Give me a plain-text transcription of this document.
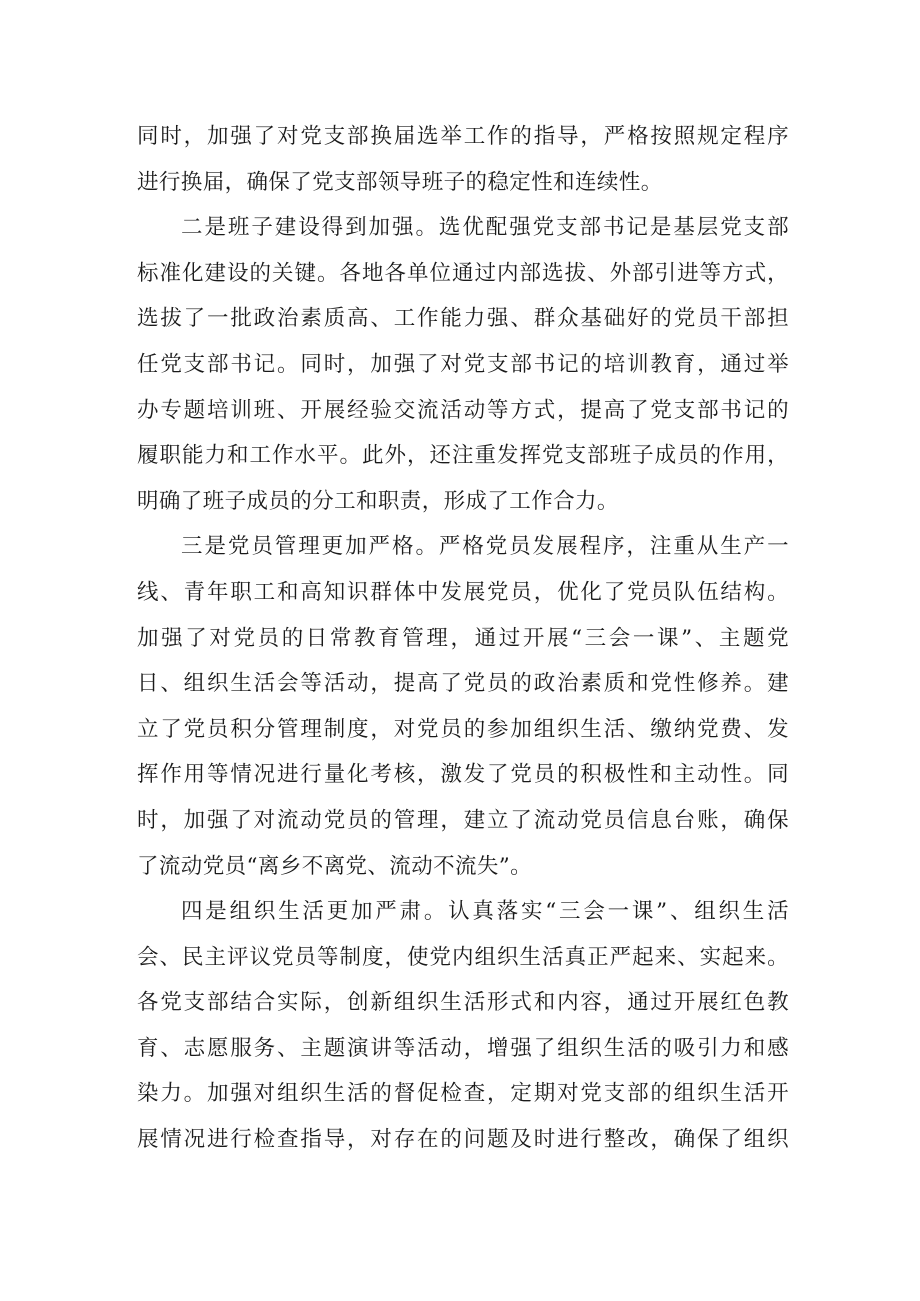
同时，加强了对党支部换届选举工作的指导，严格按照规定程序
进行换届，确保了党支部领导班子的稳定性和连续性。
二是班子建设得到加强。选优配强党支部书记是基层党支部
标准化建设的关键。各地各单位通过内部选拔、外部引进等方式，
选拔了一批政治素质高、工作能力强、群众基础好的党员干部担
任党支部书记。同时，加强了对党支部书记的培训教育，通过举
办专题培训班、开展经验交流活动等方式，提高了党支部书记的
履职能力和工作水平。此外，还注重发挥党支部班子成员的作用，
明确了班子成员的分工和职责，形成了工作合力。
三是党员管理更加严格。严格党员发展程序，注重从生产一
线、青年职工和高知识群体中发展党员，优化了党员队伍结构。
加强了对党员的日常教育管理，通过开展“三会一课”、主题党
日、组织生活会等活动，提高了党员的政治素质和党性修养。建
立了党员积分管理制度，对党员的参加组织生活、缴纳党费、发
挥作用等情况进行量化考核，激发了党员的积极性和主动性。同
时，加强了对流动党员的管理，建立了流动党员信息台账，确保
了流动党员“离乡不离党、流动不流失”。
四是组织生活更加严肃。认真落实“三会一课”、组织生活
会、民主评议党员等制度，使党内组织生活真正严起来、实起来。
各党支部结合实际，创新组织生活形式和内容，通过开展红色教
育、志愿服务、主题演讲等活动，增强了组织生活的吸引力和感
染力。加强对组织生活的督促检查，定期对党支部的组织生活开
展情况进行检查指导，对存在的问题及时进行整改，确保了组织
